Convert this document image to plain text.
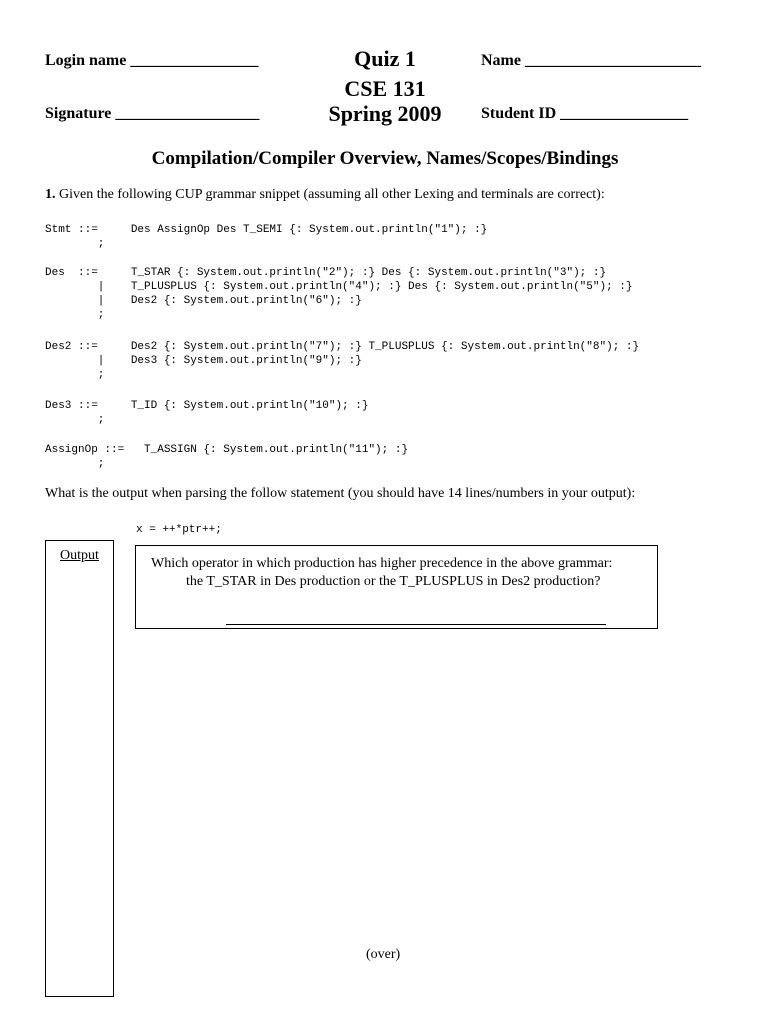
Login name ________________
Signature __________________
Quiz 1
CSE 131
Spring 2009
Name ______________________
Student ID ________________
Compilation/Compiler Overview, Names/Scopes/Bindings
1. Given the following CUP grammar snippet (assuming all other Lexing and terminals are correct):
Stmt ::=     Des AssignOp Des T_SEMI {: System.out.println("1"); :}
;
Des  ::=     T_STAR {: System.out.println("2"); :} Des {: System.out.println("3"); :}
|    T_PLUSPLUS {: System.out.println("4"); :} Des {: System.out.println("5"); :}
|    Des2 {: System.out.println("6"); :}
;
Des2 ::=     Des2 {: System.out.println("7"); :} T_PLUSPLUS {: System.out.println("8"); :}
|    Des3 {: System.out.println("9"); :}
;
Des3 ::=     T_ID {: System.out.println("10"); :}
;
AssignOp ::=   T_ASSIGN {: System.out.println("11"); :}
;
What is the output when parsing the follow statement (you should have 14 lines/numbers in your output):
x = ++*ptr++;
Output
Which operator in which production has higher precedence in the above grammar:
the T_STAR in Des production or the T_PLUSPLUS in Des2 production?
(over)
